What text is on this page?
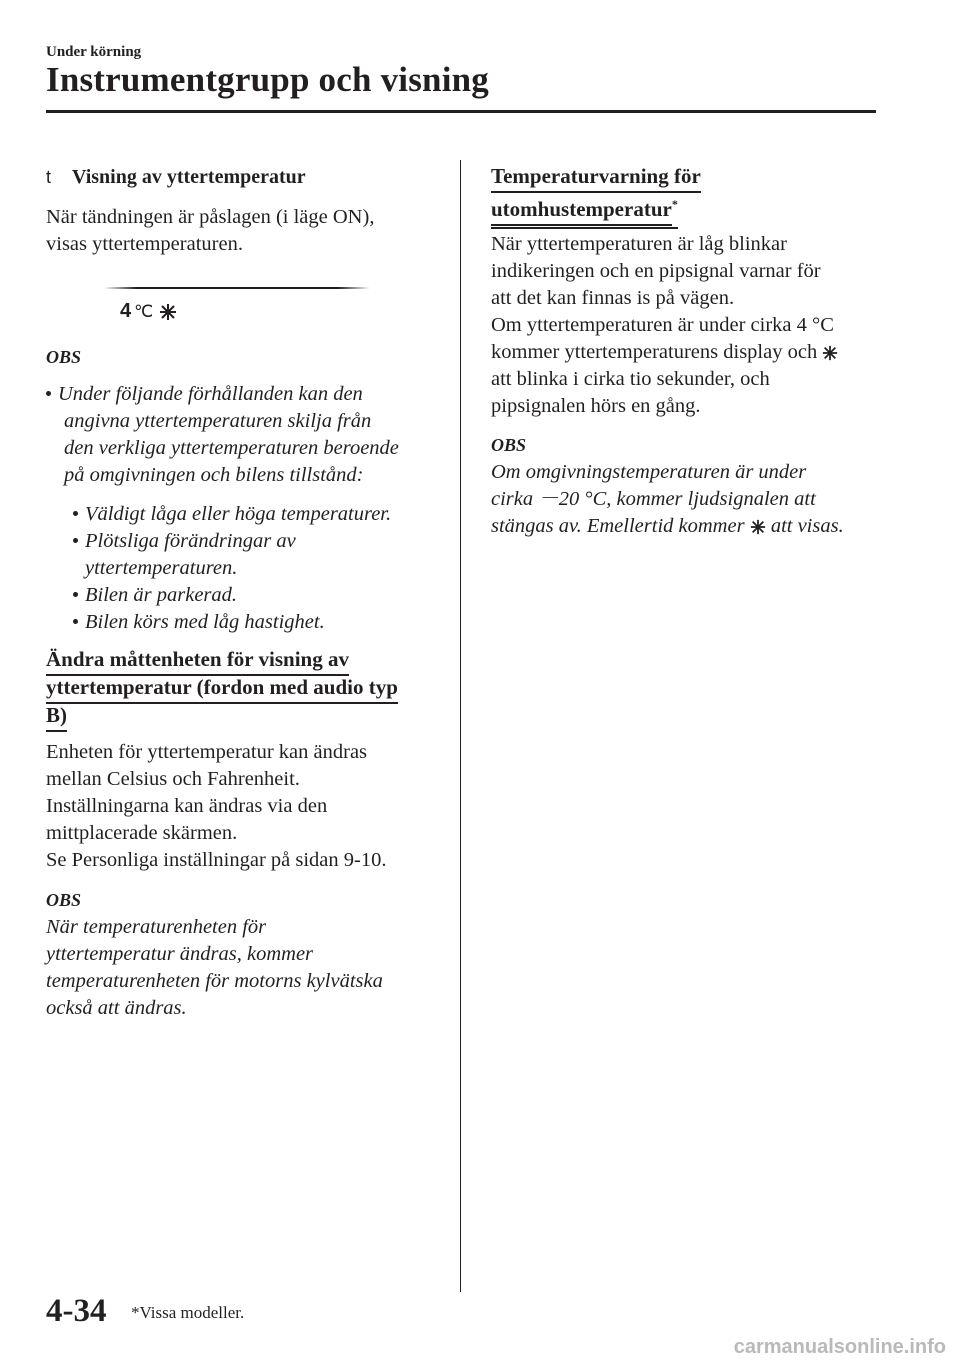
Under körning
Instrumentgrupp och visning
t Visning av yttertemperatur
När tändningen är påslagen (i läge ON),
visas yttertemperaturen.
4 ℃
OBS
Under följande förhållanden kan den
angivna yttertemperaturen skilja från
den verkliga yttertemperaturen beroende
på omgivningen och bilens tillstånd:
Väldigt låga eller höga temperaturer.
Plötsliga förändringar av
yttertemperaturen.
Bilen är parkerad.
Bilen körs med låg hastighet.
Ändra måttenheten för visning av
yttertemperatur (fordon med audio typ
B)
Enheten för yttertemperatur kan ändras
mellan Celsius och Fahrenheit.
Inställningarna kan ändras via den
mittplacerade skärmen.
Se Personliga inställningar på sidan 9-10.
OBS
När temperaturenheten för
yttertemperatur ändras, kommer
temperaturenheten för motorns kylvätska
också att ändras.
Temperaturvarning för
utomhustemperatur*
När yttertemperaturen är låg blinkar
indikeringen och en pipsignal varnar för
att det kan finnas is på vägen.
Om yttertemperaturen är under cirka 4 °C
kommer yttertemperaturens display och
att blinka i cirka tio sekunder, och
pipsignalen hörs en gång.
OBS
Om omgivningstemperaturen är under
cirka －20 °C, kommer ljudsignalen att
stängas av. Emellertid kommer att visas.
4-34 *Vissa modeller.
carmanualsonline.info
